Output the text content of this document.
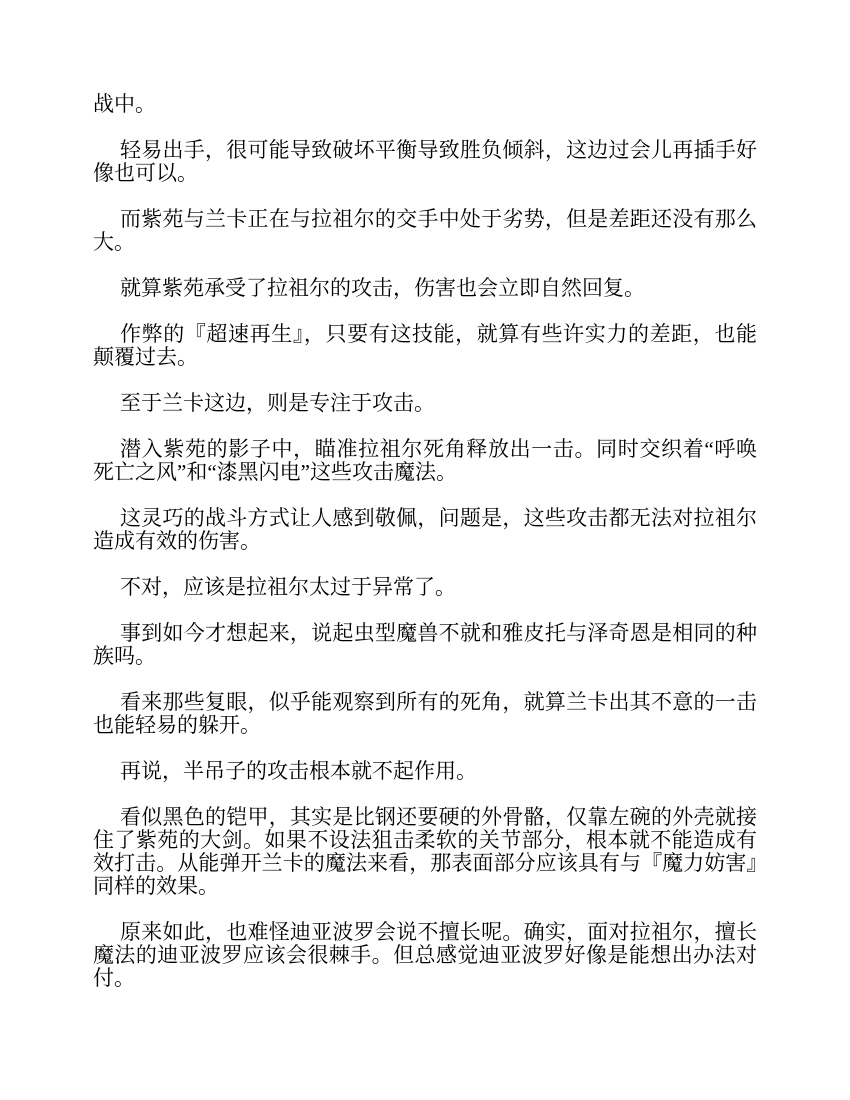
战中。

轻易出手，很可能导致破坏平衡导致胜负倾斜，这边过会儿再插手好像也可以。

而紫苑与兰卡正在与拉祖尔的交手中处于劣势，但是差距还没有那么大。

就算紫苑承受了拉祖尔的攻击，伤害也会立即自然回复。

作弊的『超速再生』，只要有这技能，就算有些许实力的差距，也能颠覆过去。

至于兰卡这边，则是专注于攻击。

潜入紫苑的影子中，瞄准拉祖尔死角释放出一击。同时交织着“呼唤死亡之风”和“漆黑闪电”这些攻击魔法。

这灵巧的战斗方式让人感到敬佩，问题是，这些攻击都无法对拉祖尔造成有效的伤害。

不对，应该是拉祖尔太过于异常了。

事到如今才想起来，说起虫型魔兽不就和雅皮托与泽奇恩是相同的种族吗。

看来那些复眼，似乎能观察到所有的死角，就算兰卡出其不意的一击也能轻易的躲开。

再说，半吊子的攻击根本就不起作用。

看似黑色的铠甲，其实是比钢还要硬的外骨骼，仅靠左碗的外壳就接住了紫苑的大剑。如果不设法狙击柔软的关节部分，根本就不能造成有效打击。从能弹开兰卡的魔法来看，那表面部分应该具有与『魔力妨害』同样的效果。

原来如此，也难怪迪亚波罗会说不擅长呢。确实，面对拉祖尔，擅长魔法的迪亚波罗应该会很棘手。但总感觉迪亚波罗好像是能想出办法对付。
